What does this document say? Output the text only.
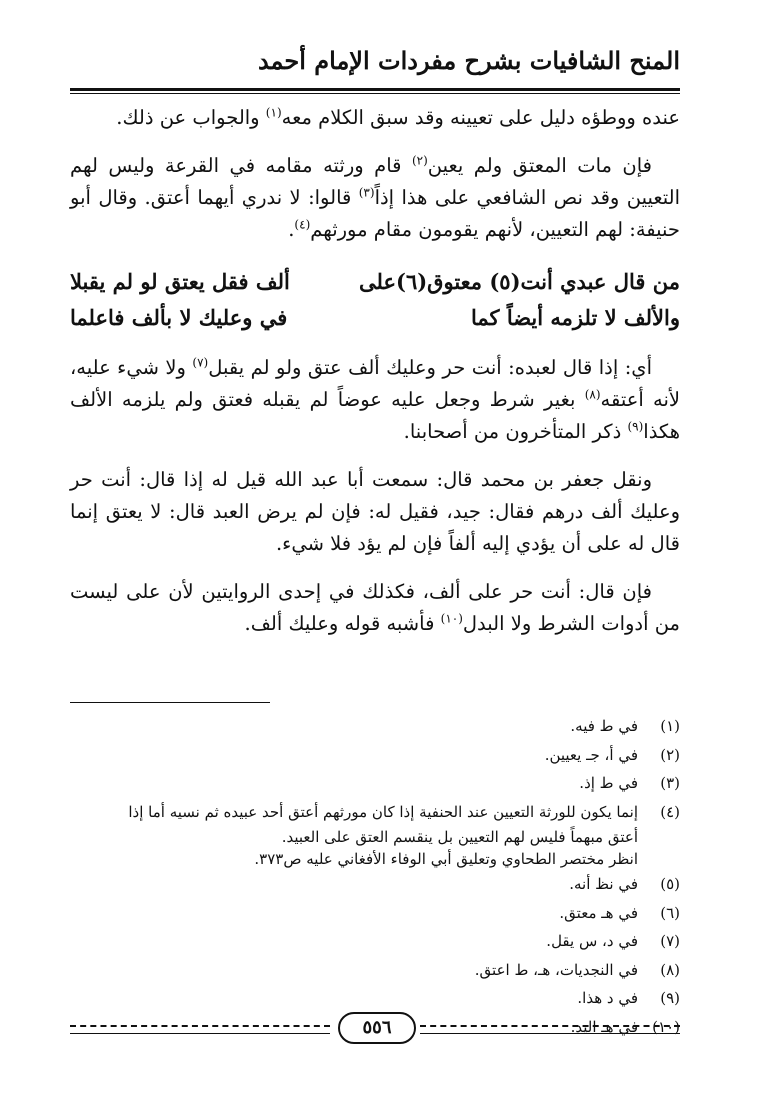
المنح الشافيات بشرح مفردات الإمام أحمد

عنده ووطؤه دليل على تعيينه وقد سبق الكلام معه$^{(١)}$ والجواب عن ذلك.

فإن مات المعتق ولم يعين$^{(٢)}$ قام ورثته مقامه في القرعة وليس لهم التعيين وقد نص الشافعي على هذا إذاً$^{(٣)}$ قالوا: لا ندري أيهما أعتق. وقال أبو حنيفة: لهم التعيين، لأنهم يقومون مقام مورثهم$^{(٤)}$.

من قال عبدي أنت(٥) معتوق(٦)على
ألف فقل يعتق لو لم يقبلا
والألف لا تلزمه أيضاً كما
في وعليك لا بألف فاعلما

أي: إذا قال لعبده: أنت حر وعليك ألف عتق ولو لم يقبل$^{(٧)}$ ولا شيء عليه، لأنه أعتقه$^{(٨)}$ بغير شرط وجعل عليه عوضاً لم يقبله فعتق ولم يلزمه الألف هكذا$^{(٩)}$ ذكر المتأخرون من أصحابنا.

ونقل جعفر بن محمد قال: سمعت أبا عبد الله قيل له إذا قال: أنت حر وعليك ألف درهم فقال: جيد، فقيل له: فإن لم يرض العبد قال: لا يعتق إنما قال له على أن يؤدي إليه ألفاً فإن لم يؤد فلا شيء.

فإن قال: أنت حر على ألف، فكذلك في إحدى الروايتين لأن على ليست من أدوات الشرط ولا البدل$^{(١٠)}$ فأشبه قوله وعليك ألف.

(١)
في ط فيه.
(٢)
في أ، جـ يعيين.
(٣)
في ط إذ.
(٤)
إنما يكون للورثة التعيين عند الحنفية إذا كان مورثهم أعتق أحد عبيده ثم نسيه أما إذا
أعتق مبهماً فليس لهم التعيين بل ينقسم العتق على العبيد.
انظر مختصر الطحاوي وتعليق أبي الوفاء الأفغاني عليه ص٣٧٣.
(٥)
في نظ أنه.
(٦)
في هـ معتق.
(٧)
في د، س يقل.
(٨)
في النجديات، هـ، ط اعتق.
(٩)
في د هذا.
(١٠)
في هـ اليد.
٥٥٦
